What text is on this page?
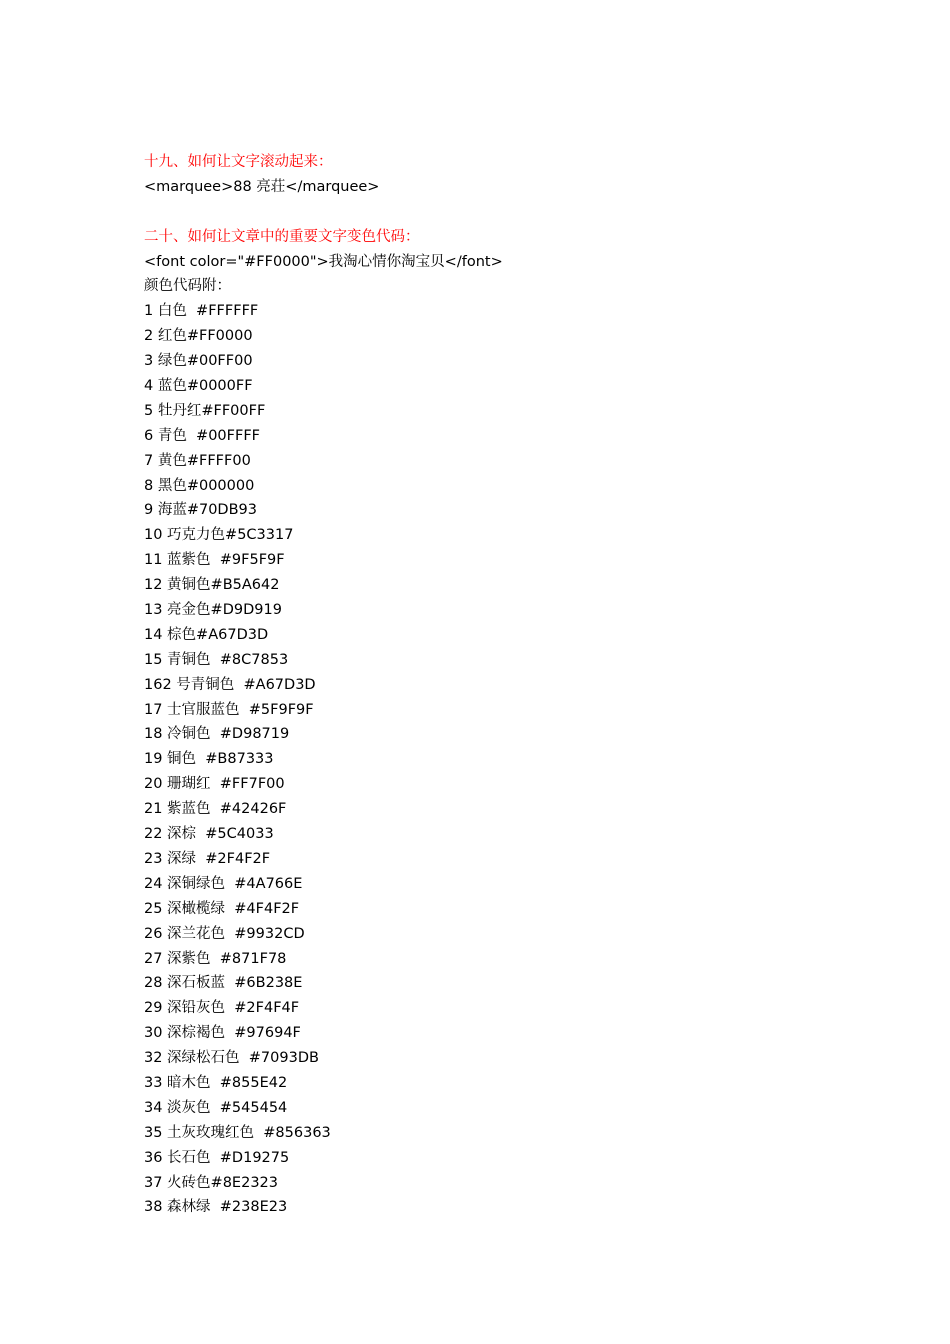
十九、如何让文字滚动起来：
<marquee>88 亮荘</marquee>
二十、如何让文章中的重要文字变色代码：
<font color="#FF0000">我淘心情你淘宝贝</font>
颜色代码附：
1 白色  #FFFFFF
2 红色#FF0000
3 绿色#00FF00
4 蓝色#0000FF
5 牡丹红#FF00FF
6 青色  #00FFFF
7 黄色#FFFF00
8 黑色#000000
9 海蓝#70DB93
10 巧克力色#5C3317
11 蓝紫色  #9F5F9F
12 黄铜色#B5A642
13 亮金色#D9D919
14 棕色#A67D3D
15 青铜色  #8C7853
162 号青铜色  #A67D3D
17 士官服蓝色  #5F9F9F
18 冷铜色  #D98719
19 铜色  #B87333
20 珊瑚红  #FF7F00
21 紫蓝色  #42426F
22 深棕  #5C4033
23 深绿  #2F4F2F
24 深铜绿色  #4A766E
25 深橄榄绿  #4F4F2F
26 深兰花色  #9932CD
27 深紫色  #871F78
28 深石板蓝  #6B238E
29 深铅灰色  #2F4F4F
30 深棕褐色  #97694F
32 深绿松石色  #7093DB
33 暗木色  #855E42
34 淡灰色  #545454
35 土灰玫瑰红色  #856363
36 长石色  #D19275
37 火砖色#8E2323
38 森林绿  #238E23
